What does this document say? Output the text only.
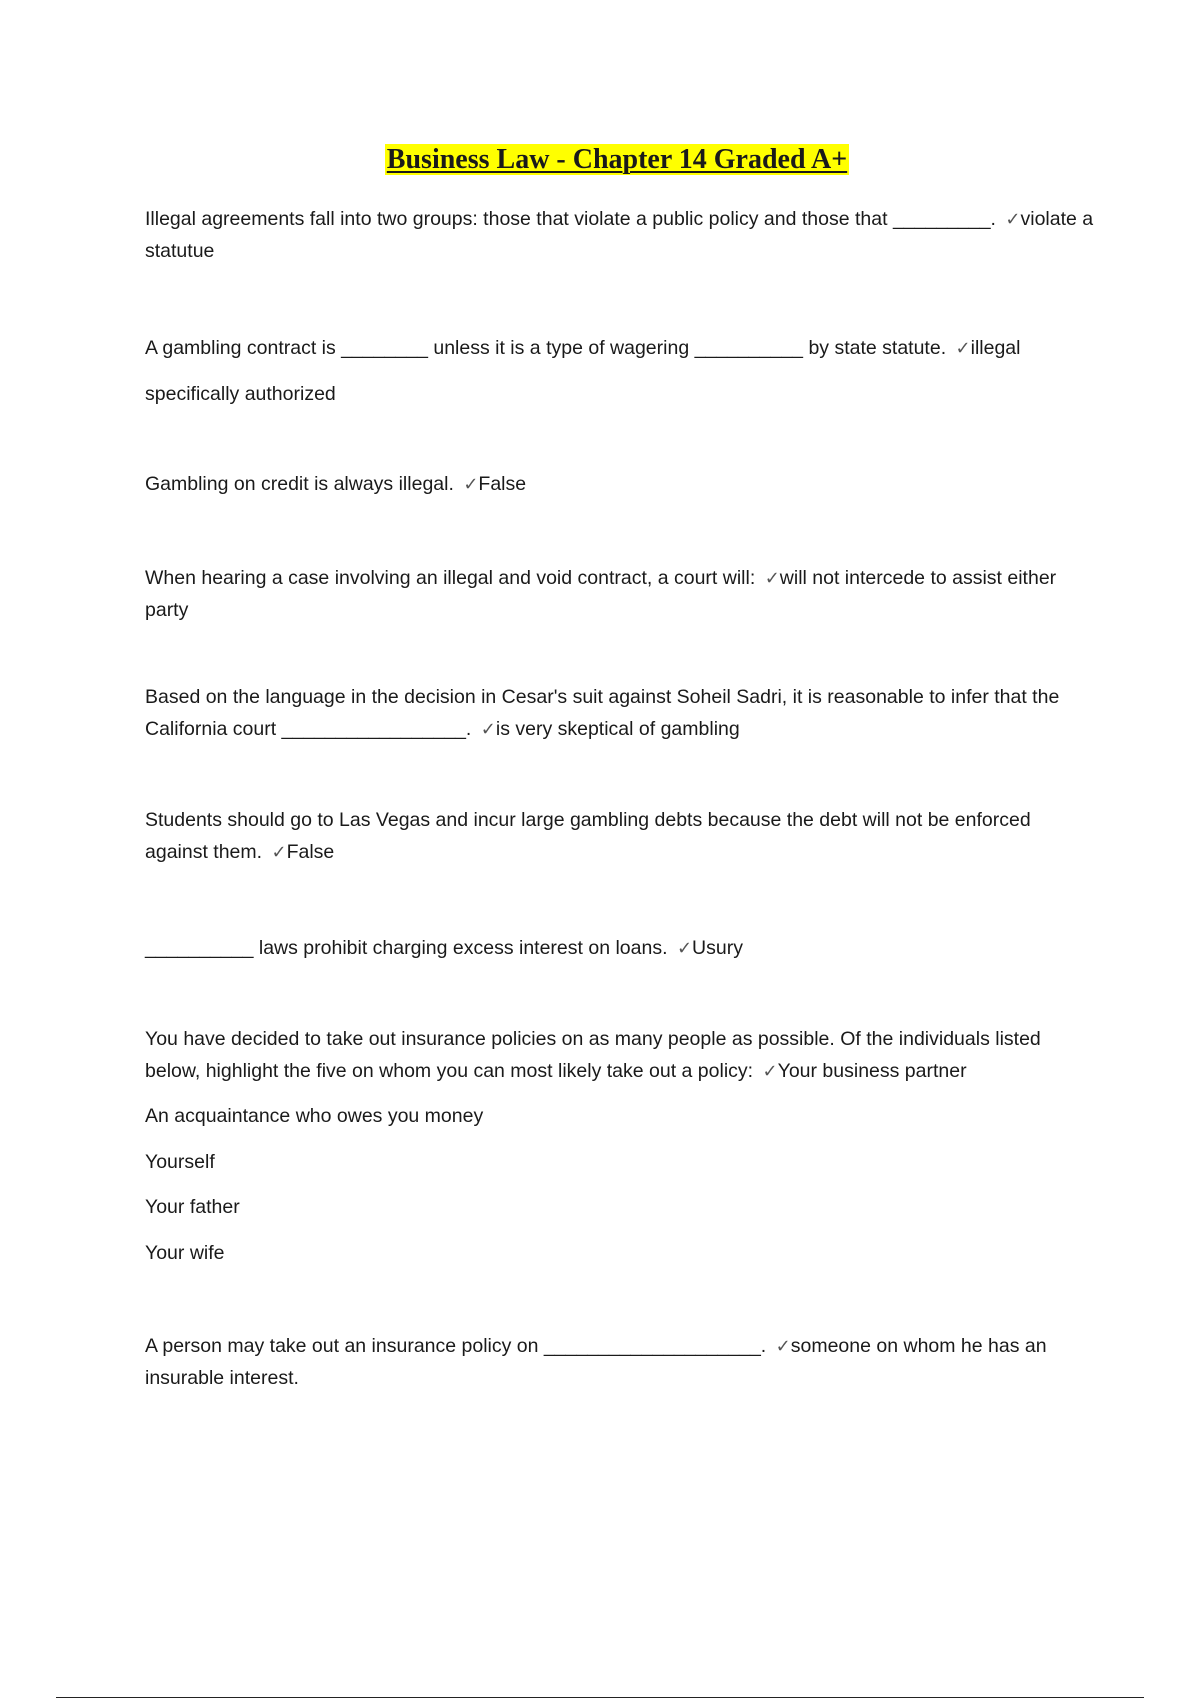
Business Law - Chapter 14 Graded A+

Illegal agreements fall into two groups: those that violate a public policy and those that _________. ✓violate a statutue

A gambling contract is ________ unless it is a type of wagering __________ by state statute. ✓illegal specifically authorized

Gambling on credit is always illegal. ✓False

When hearing a case involving an illegal and void contract, a court will: ✓will not intercede to assist either party

Based on the language in the decision in Cesar's suit against Soheil Sadri, it is reasonable to infer that the California court _________________. ✓is very skeptical of gambling

Students should go to Las Vegas and incur large gambling debts because the debt will not be enforced against them. ✓False

__________ laws prohibit charging excess interest on loans. ✓Usury

You have decided to take out insurance policies on as many people as possible. Of the individuals listed below, highlight the five on whom you can most likely take out a policy: ✓Your business partner

An acquaintance who owes you money

Yourself

Your father

Your wife

A person may take out an insurance policy on ____________________. ✓someone on whom he has an insurable interest.
